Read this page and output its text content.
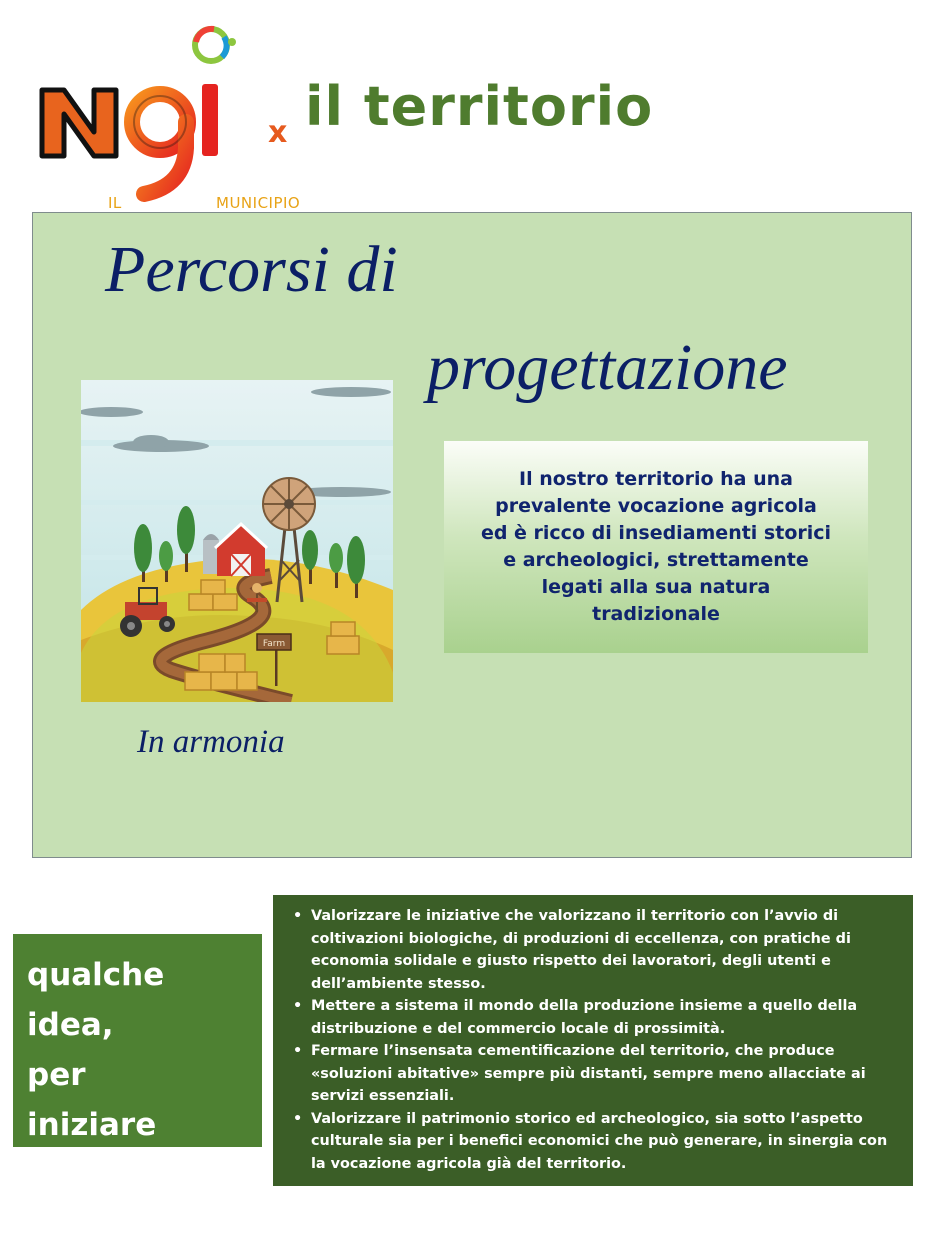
x
IL	MUNICIPIO
il territorio
Percorsi di
progettazione
Farm
Il nostro territorio ha una
prevalente vocazione agricola
ed è ricco di insediamenti storici
e archeologici, strettamente
legati alla sua natura
tradizionale
In armonia
qualche
idea,
per
iniziare
• Valorizzare le iniziative che valorizzano il territorio con l’avvio di
coltivazioni biologiche, di produzioni di eccellenza, con pratiche di
economia solidale e giusto rispetto dei lavoratori, degli utenti e
dell’ambiente stesso.
• Mettere a sistema il mondo della produzione insieme a quello della
distribuzione e del commercio locale di prossimità.
• Fermare l’insensata cementificazione del territorio, che produce
«soluzioni abitative» sempre più distanti, sempre meno allacciate ai
servizi essenziali.
• Valorizzare il patrimonio storico ed archeologico, sia sotto l’aspetto
culturale sia per i benefici economici che può generare, in sinergia con
la vocazione agricola già del territorio.
